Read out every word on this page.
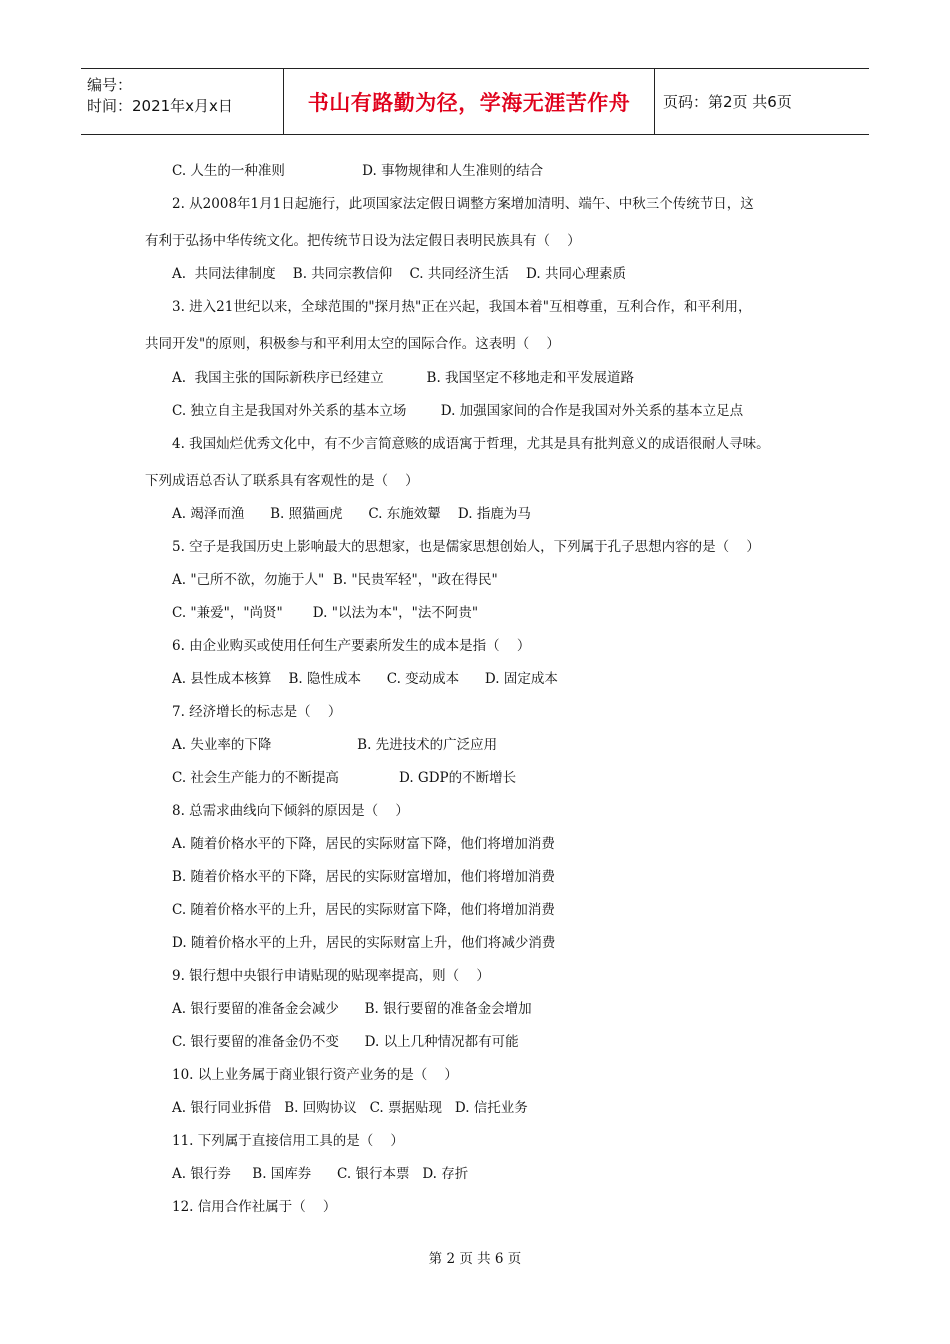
编号：
时间：2021年x月x日	书山有路勤为径，学海无涯苦作舟 页码：第2页 共6页
C. 人生的一种准则                  D. 事物规律和人生准则的结合
2. 从2008年1月1日起施行，此项国家法定假日调整方案增加清明、端午、中秋三个传统节日，这
有利于弘扬中华传统文化。把传统节日设为法定假日表明民族具有（    ）
A.  共同法律制度    B. 共同宗教信仰    C. 共同经济生活    D. 共同心理素质
3. 进入21世纪以来，全球范围的"探月热"正在兴起，我国本着"互相尊重，互利合作，和平利用，
共同开发"的原则，积极参与和平利用太空的国际合作。这表明（    ）
A.  我国主张的国际新秩序已经建立          B. 我国坚定不移地走和平发展道路
C. 独立自主是我国对外关系的基本立场        D. 加强国家间的合作是我国对外关系的基本立足点
4. 我国灿烂优秀文化中，有不少言简意赅的成语寓于哲理，尤其是具有批判意义的成语很耐人寻味。
下列成语总否认了联系具有客观性的是（    ）
A. 竭泽而渔      B. 照猫画虎      C. 东施效颦    D. 指鹿为马
5. 空子是我国历史上影响最大的思想家，也是儒家思想创始人，下列属于孔子思想内容的是（    ）
A. "己所不欲，勿施于人"  B. "民贵军轻"，"政在得民"
C. "兼爱"，"尚贤"       D. "以法为本"，"法不阿贵"
6. 由企业购买或使用任何生产要素所发生的成本是指（    ）
A. 县性成本核算    B. 隐性成本      C. 变动成本      D. 固定成本
7. 经济增长的标志是（    ）
A. 失业率的下降                    B. 先进技术的广泛应用
C. 社会生产能力的不断提高              D. GDP的不断增长
8. 总需求曲线向下倾斜的原因是（    ）
A. 随着价格水平的下降，居民的实际财富下降，他们将增加消费
B. 随着价格水平的下降，居民的实际财富增加，他们将增加消费
C. 随着价格水平的上升，居民的实际财富下降，他们将增加消费
D. 随着价格水平的上升，居民的实际财富上升，他们将减少消费
9. 银行想中央银行申请贴现的贴现率提高，则（    ）
A. 银行要留的准备金会减少      B. 银行要留的准备金会增加
C. 银行要留的准备金仍不变      D. 以上几种情况都有可能
10. 以上业务属于商业银行资产业务的是（    ）
A. 银行同业拆借   B. 回购协议   C. 票据贴现   D. 信托业务
11. 下列属于直接信用工具的是（    ）
A. 银行券     B. 国库券      C. 银行本票   D. 存折
12. 信用合作社属于（    ）
第 2 页 共 6 页
